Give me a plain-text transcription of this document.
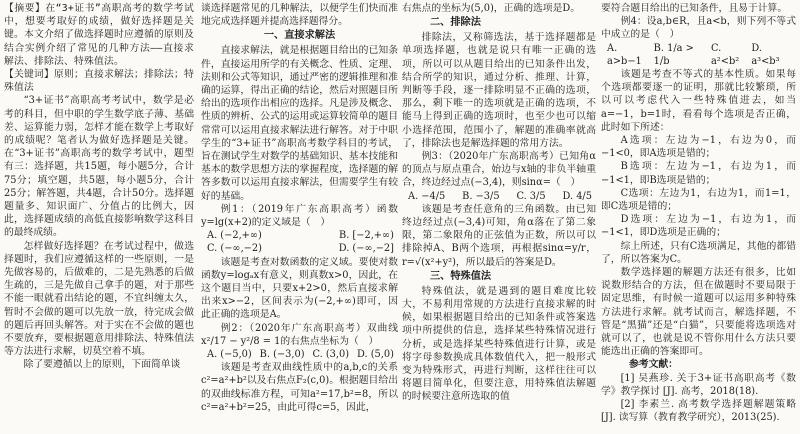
【摘要】在“3+证书”高职高考的数学考试中，想要考取好的成绩，做好选择题是关键。本文介绍了做选择题时应遵循的原则及结合实例介绍了常见的几种方法——直接求解法、排除法、特殊值法。

【关键词】原则；直接求解法；排除法；特殊值法

“3+证书”高职高考考试中，数学是必考的科目，但中职的学生数学底子薄、基础差、运算能力弱，怎样才能在数学上考取好的成绩呢？笔者认为做好选择题是关键。在“3+证书”高职高考的数学考试中，题型有三：选择题，共15题，每小题5分，合计75分；填空题，共5题，每小题5分，合计25分；解答题，共4题，合计50分。选择题题量多、知识面广、分值占的比例大，因此，选择题成绩的高低直接影响数学这科目的最终成绩。

怎样做好选择题？在考试过程中，做选择题时，我们应遵循这样的一些原则，一是先做容易的，后做难的，二是先熟悉的后做生疏的，三是先做自己拿手的题，对于那些不能一眼就看出结论的题，不宜纠缠太久，暂时不会做的题可以先放一放，待完成会做的题后再回头解答。对于实在不会做的题也不要放弃，要根据题意用排除法、特殊值法等方法进行求解，切莫空着不填。

除了要遵循以上的原则，下面简单谈

谈选择题常见的几种解法，以便学生们快而准地完成选择题并提高选择题得分。

一、直接求解法

直接求解法，就是根据题目给出的已知条件，直接运用所学的有关概念、性质、定理、法则和公式等知识，通过严密的逻辑推理和准确的运算，得出正确的结论，然后对照题目所给出的选项作出相应的选择。凡是涉及概念、性质的辨析、公式的运用或运算较简单的题目常常可以运用直接求解法进行解答。对于中职学生的“3+证书”高职高考数学科目的考试，旨在测试学生对数学的基础知识、基本技能和基本的数学思想方法的掌握程度，选择题的解答多数可以运用直接求解法，但需要学生有较好的基础。

例1：（2019年广东高职高考）函数y=lg(x+2)的定义域是（　）

A. (−2,+∞)	B. [−2,+∞)
C. (−∞,−2)	D. (−∞,−2]

该题是考查对数函数的定义域。要使对数函数y=logₐx有意义，则真数x>0，因此，在这个题目当中，只要x+2>0，然后直接求解出来x>−2，区间表示为(−2,+∞)即可，因此正确的选项是A。

例2：（2020年广东高职高考）双曲线x²/17 − y²/8 = 1的右焦点坐标为（　）

A. (−5,0) B. (−3,0) C. (3,0) D. (5,0)

该题是考查双曲线性质中的a,b,c的关系c²=a²+b²以及右焦点F₂(c,0)。根据题目给出的双曲线标准方程，可知a²=17,b²=8，所以c²=a²+b²=25，由此可得c=5，因此，

右焦点的坐标为(5,0)，正确的选项是D。

二、排除法

排除法，又称筛选法，基于选择题都是单项选择题，也就是说只有唯一正确的选项，所以可以从题目给出的已知条件出发，结合所学的知识，通过分析、推理、计算，判断等手段，逐一排除明显不正确的选项，那么，剩下唯一的选项就是正确的选项，不能马上得到正确的选项时，也至少也可以缩小选择范围，范围小了，解题的准确率就高了，排除法也是解选择题的常用方法。

例3：（2020年广东高职高考）已知角α的顶点与原点重合，始边与x轴的非负半轴重合，终边经过点(−3,4)，则sinα=（　）

A. −4/5 B. −3/5 C. 3/5 D. 4/5

该题是考查任意角的三角函数。由已知终边经过点(−3,4)可知，角α落在了第二象限，第二象限角的正弦值为正数，所以可以排除掉A、B两个选项，再根据sinα=y/r，r=√(x²+y²)，所以最后的答案是D。

三、特殊值法

特殊值法，就是遇到的题目难度比较大，不易利用常规的方法进行直接求解的时候，如果根据题目给出的已知条件或答案选项中所提供的信息，选择某些特殊情况进行分析，或是选择某些特殊值进行计算，或是将字母参数换成具体数值代入，把一般形式变为特殊形式，再进行判断，这样往往可以将题目简单化，但要注意，用特殊值法解题的时候要注意所选取的值

要符合题目给出的已知条件，且易于计算。

例4：设a,b∈R，且a<b，则下列不等式中成立的是（　）

A. a>b−1
B. 1/a > 1/b
C. a²<b²
D. a³<b³

该题是考查不等式的基本性质。如果每个选项都要逐一的证明，那就比较繁琐，所以可以考虑代入一些特殊值进去，如当a=−1，b=1时，看看每个选项是否正确，此时如下所述：

A选项：左边为−1，右边为0，而−1<0，即A选项是错的；

B选项：左边为−1，右边为1，而−1<1，即B选项是错的；

C选项：左边为1，右边为1，而1=1，即C选项是错的；

D选项：左边为−1，右边为1，而−1<1，即D选项是正确的；

综上所述，只有C选项满足，其他的都错了，所以答案为C。

数学选择题的解题方法还有很多，比如说数形结合的方法，但在做题时不要局限于固定思维，有时候一道题可以运用多种特殊方法进行求解。就考试而言，解选择题，不管是“黑猫”还是“白猫”，只要能将选项选对就可以了，也就是说不管你用什么方法只要能选出正确的答案即可。

参考文献：

[1] 吴燕珍. 关于3+证书高职高考《数学》教学探讨 [J]. 高考，2018(18).

[2] 李素兰. 高考数学选择题解题策略 [J]. 读写算（教育教学研究），2013(25).
